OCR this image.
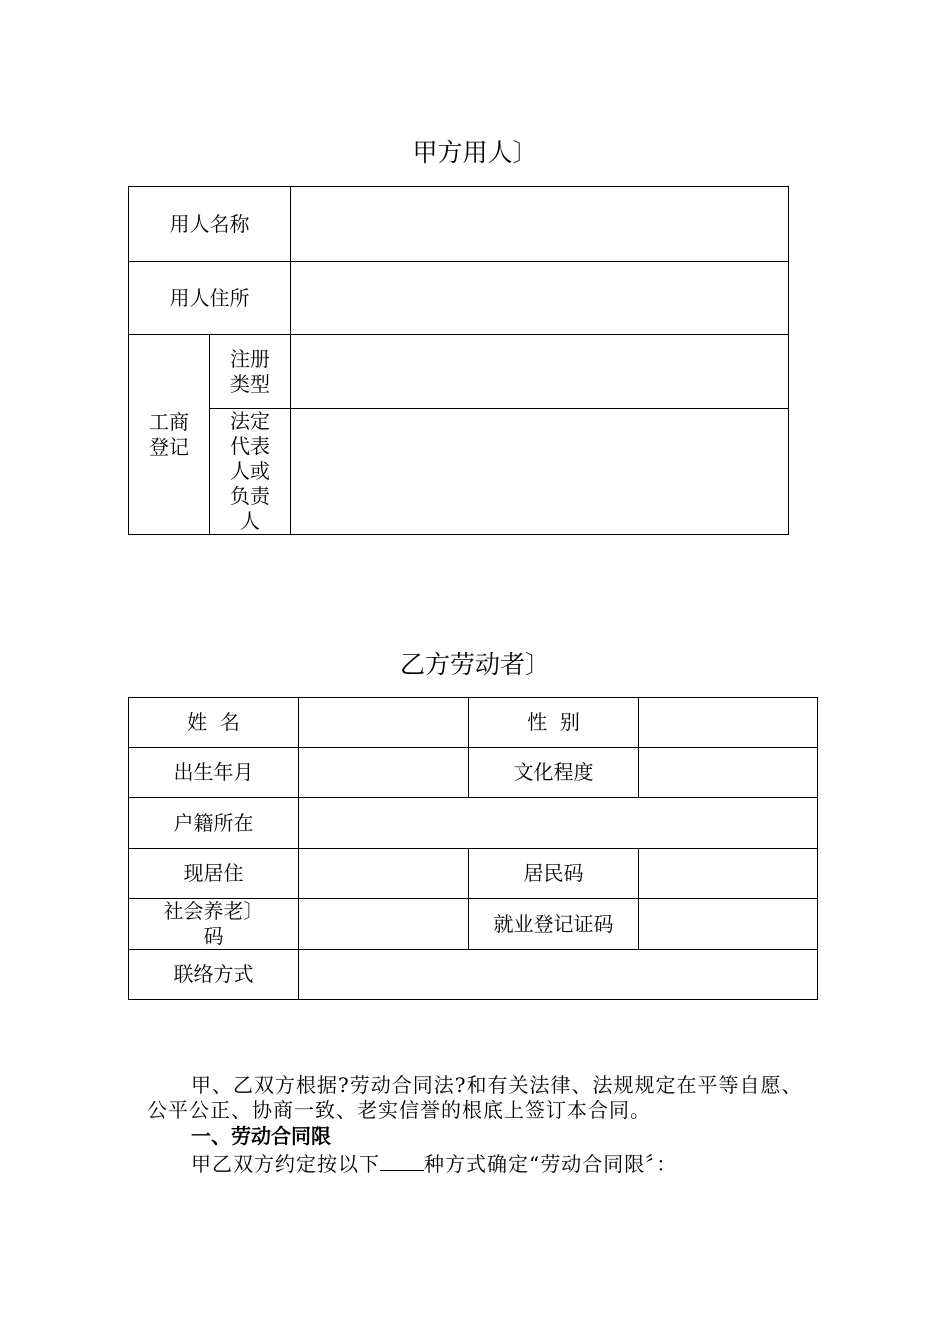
甲方用人〕
用人名称		
用人住所		
工商登记	注册类型	
	法定代表人或负责人	
乙方劳动者〕
姓  名		性  别	
出生年月		文化程度	
户籍所在			
现居住		居民码	
社会养老〕码		就业登记证码	
联络方式			
甲、乙双方根据?劳动合同法?和有关法律、法规规定在平等自愿、公平公正、协商一致、老实信誉的根底上签订本合同。
一、劳动合同限
甲乙双方约定按以下 种方式确定“劳动合同限〞：
